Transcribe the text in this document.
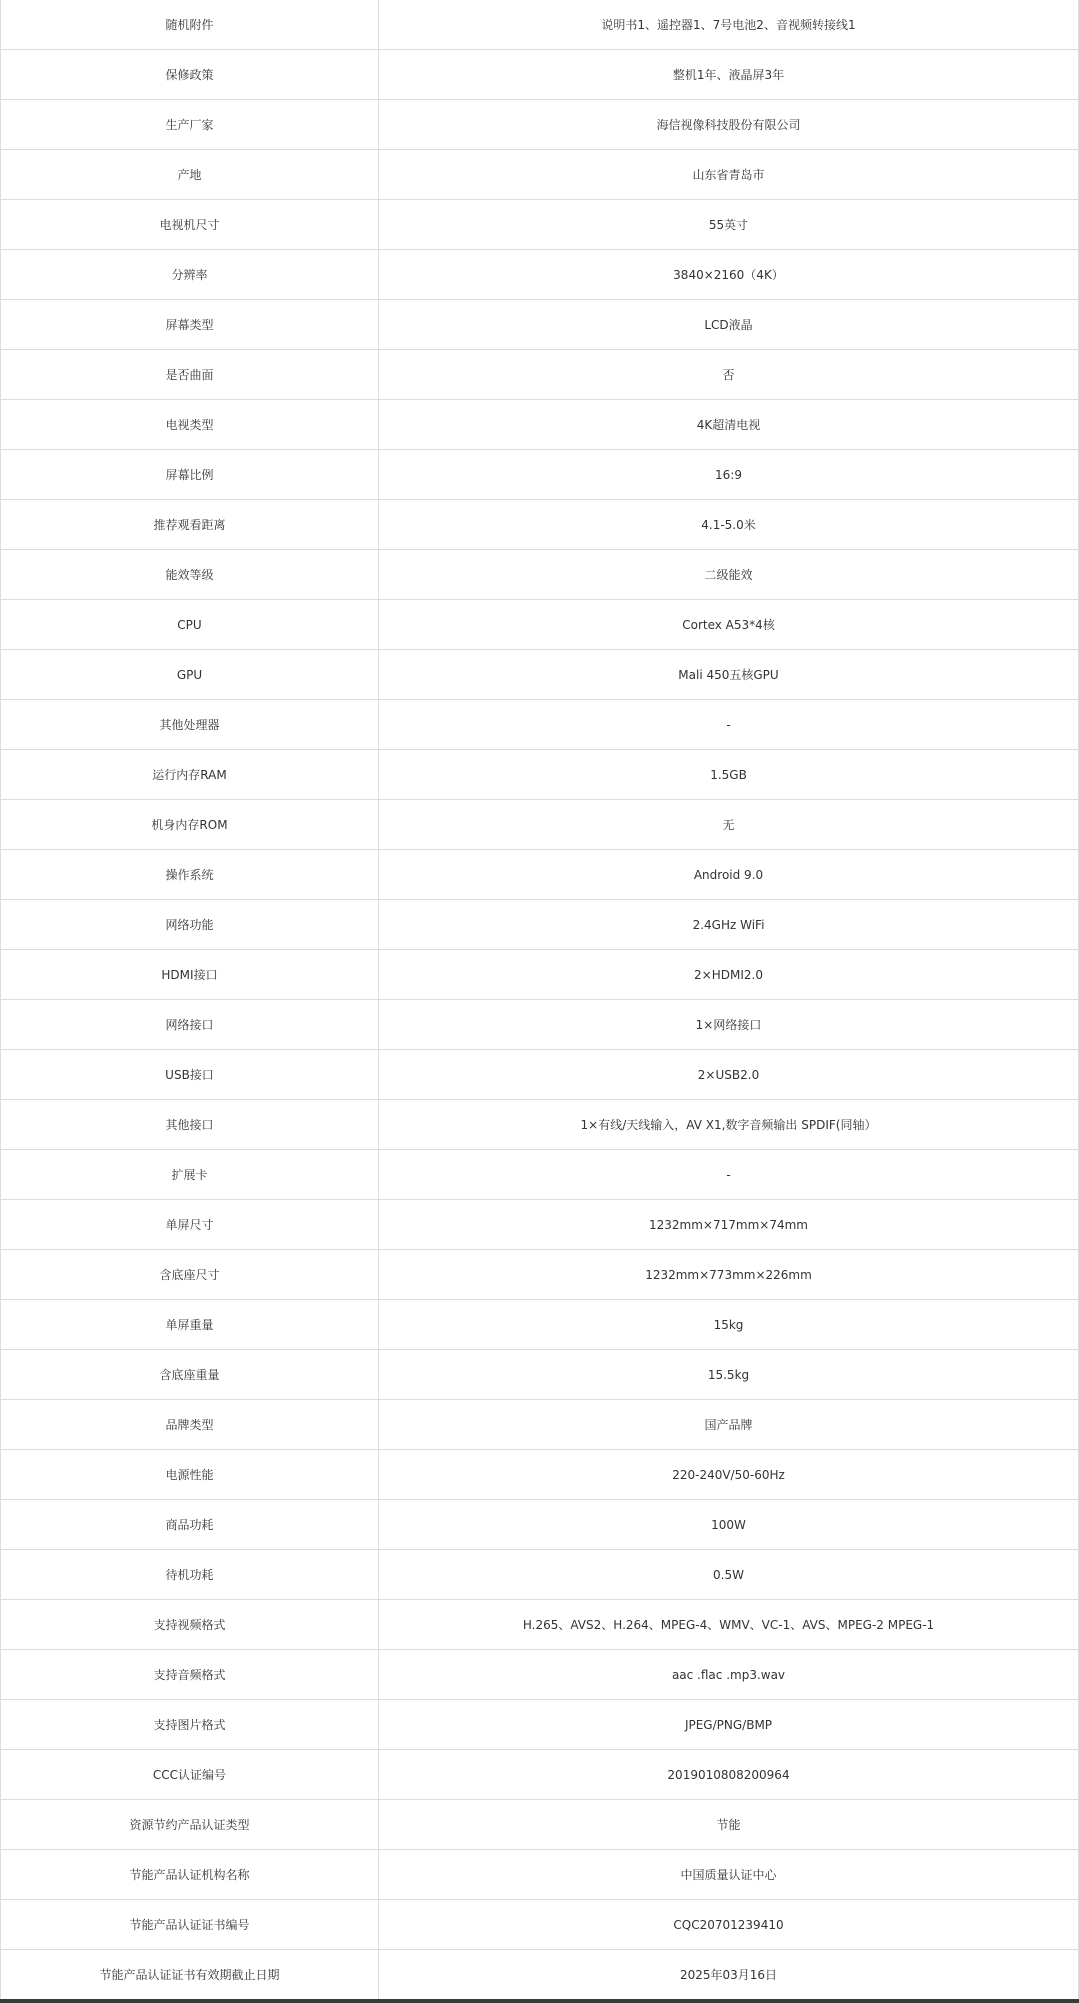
随机附件	说明书1、遥控器1、7号电池2、音视频转接线1
保修政策	整机1年、液晶屏3年
生产厂家	海信视像科技股份有限公司
产地	山东省青岛市
电视机尺寸	55英寸
分辨率	3840×2160（4K）
屏幕类型	LCD液晶
是否曲面	否
电视类型	4K超清电视
屏幕比例	16:9
推荐观看距离	4.1-5.0米
能效等级	二级能效
CPU	Cortex A53*4核
GPU	Mali 450五核GPU
其他处理器	-
运行内存RAM	1.5GB
机身内存ROM	无
操作系统	Android 9.0
网络功能	2.4GHz WiFi
HDMI接口	2×HDMI2.0
网络接口	1×网络接口
USB接口	2×USB2.0
其他接口	1×有线/天线输入，AV X1,数字音频输出 SPDIF(同轴）
扩展卡	-
单屏尺寸	1232mm×717mm×74mm
含底座尺寸	1232mm×773mm×226mm
单屏重量	15kg
含底座重量	15.5kg
品牌类型	国产品牌
电源性能	220-240V/50-60Hz
商品功耗	100W
待机功耗	0.5W
支持视频格式	H.265、AVS2、H.264、MPEG-4、WMV、VC-1、AVS、MPEG-2 MPEG-1
支持音频格式	aac .flac .mp3.wav
支持图片格式	JPEG/PNG/BMP
CCC认证编号	2019010808200964
资源节约产品认证类型	节能
节能产品认证机构名称	中国质量认证中心
节能产品认证证书编号	CQC20701239410
节能产品认证证书有效期截止日期	2025年03月16日
